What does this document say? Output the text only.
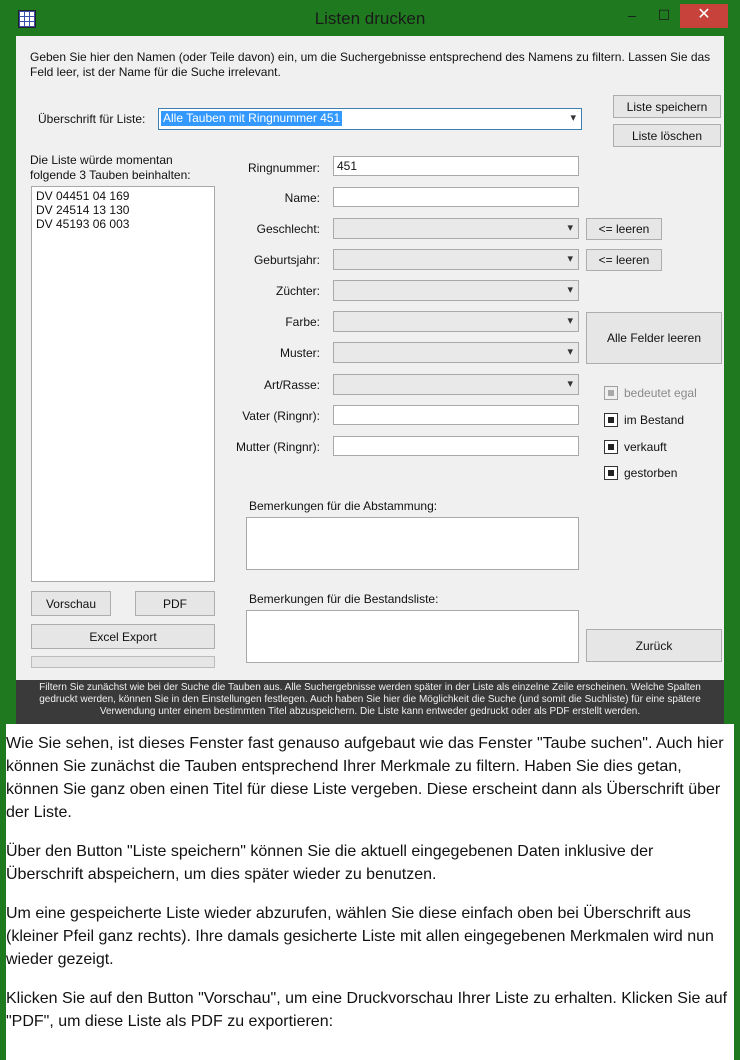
Listen drucken	–	☐	✕
Geben Sie hier den Namen (oder Teile davon) ein, um die Suchergebnisse entsprechend des Namens zu filtern. Lassen Sie das Feld leer, ist der Name für die Suche irrelevant.
Überschrift für Liste: Alle Tauben mit Ringnummer 451	▾
Liste speichern
Liste löschen
Die Liste würde momentan
folgende 3 Tauben beinhalten:
DV 04451 04 169
DV 24514 13 130
DV 45193 06 003
Ringnummer:	451
Name:
Geschlecht:	▾	<= leeren
Geburtsjahr:	▾	<= leeren
Züchter:	▾
Farbe:	▾
Muster:	▾
Alle Felder leeren
Art/Rasse:	▾
Vater (Ringnr):
Mutter (Ringnr):
bedeutet egal
im Bestand
verkauft
gestorben
Bemerkungen für die Abstammung:
Bemerkungen für die Bestandsliste:
Vorschau	PDF
Excel Export
Zurück
Filtern Sie zunächst wie bei der Suche die Tauben aus. Alle Suchergebnisse werden später in der Liste als einzelne Zeile erscheinen. Welche Spalten gedruckt werden, können Sie in den Einstellungen festlegen. Auch haben Sie hier die Möglichkeit die Suche (und somit die Suchliste) für eine spätere Verwendung unter einem bestimmten Titel abzuspeichern. Die Liste kann entweder gedruckt oder als PDF erstellt werden.

Wie Sie sehen, ist dieses Fenster fast genauso aufgebaut wie das Fenster "Taube suchen". Auch hier können Sie zunächst die Tauben entsprechend Ihrer Merkmale zu filtern. Haben Sie dies getan, können Sie ganz oben einen Titel für diese Liste vergeben. Diese erscheint dann als Überschrift über der Liste.

Über den Button "Liste speichern" können Sie die aktuell eingegebenen Daten inklusive der Überschrift abspeichern, um dies später wieder zu benutzen.

Um eine gespeicherte Liste wieder abzurufen, wählen Sie diese einfach oben bei Überschrift aus (kleiner Pfeil ganz rechts). Ihre damals gesicherte Liste mit allen eingegebenen Merkmalen wird nun wieder gezeigt.

Klicken Sie auf den Button "Vorschau", um eine Druckvorschau Ihrer Liste zu erhalten. Klicken Sie auf "PDF", um diese Liste als PDF zu exportieren:
